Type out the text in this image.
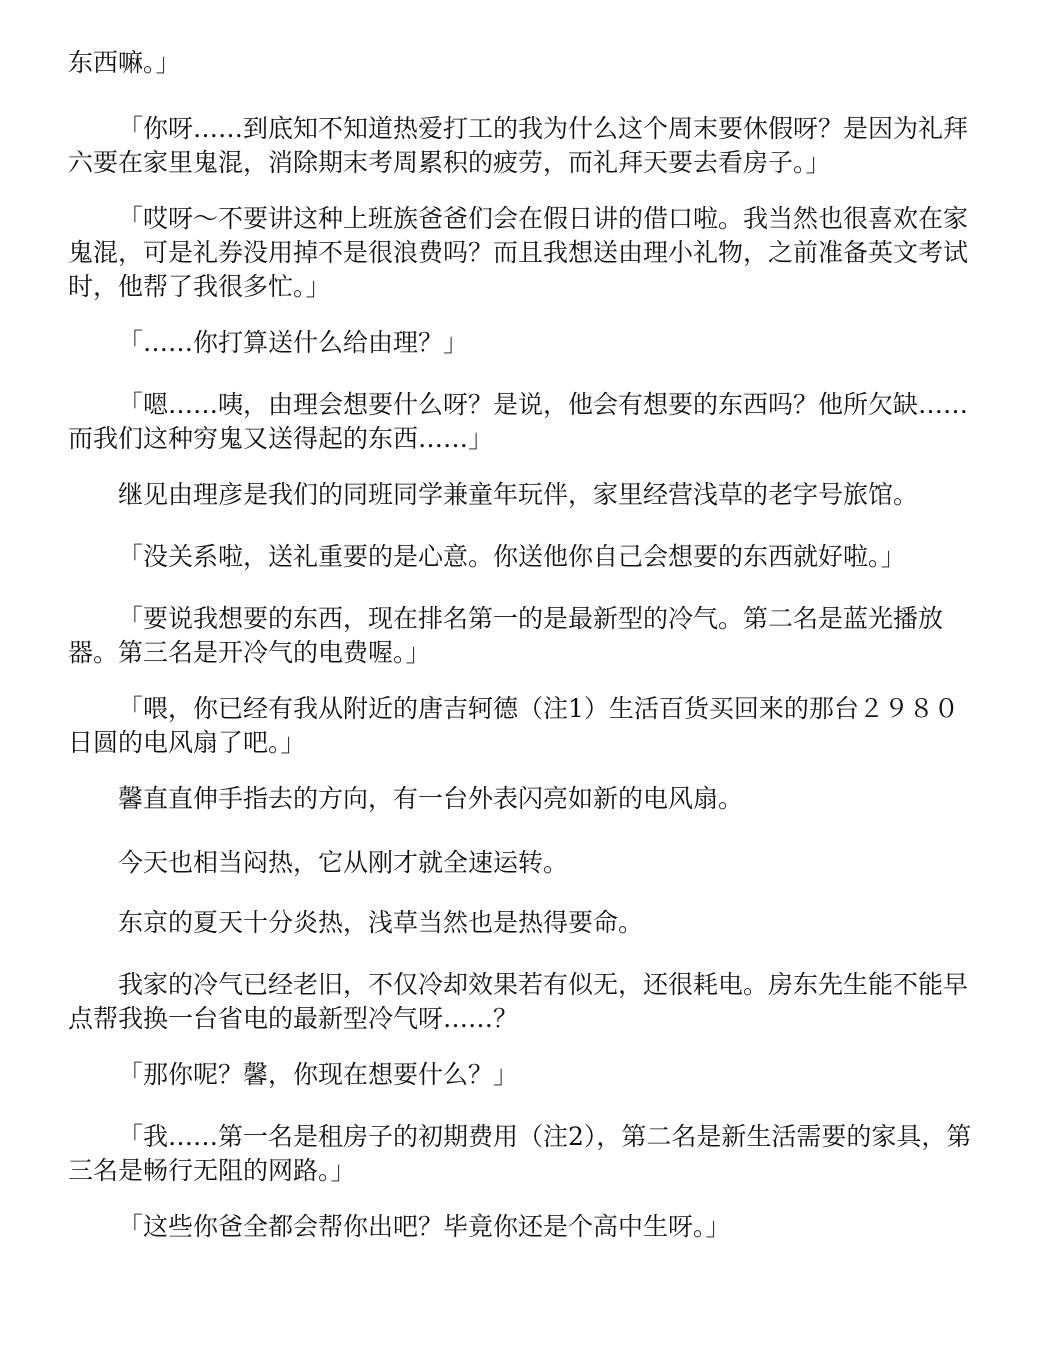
东西嘛。」

「你呀……到底知不知道热爱打工的我为什么这个周末要休假呀？是因为礼拜六要在家里鬼混，消除期末考周累积的疲劳，而礼拜天要去看房子。」

「哎呀～不要讲这种上班族爸爸们会在假日讲的借口啦。我当然也很喜欢在家鬼混，可是礼券没用掉不是很浪费吗？而且我想送由理小礼物，之前准备英文考试时，他帮了我很多忙。」

「……你打算送什么给由理？」

「嗯……咦，由理会想要什么呀？是说，他会有想要的东西吗？他所欠缺……而我们这种穷鬼又送得起的东西……」

继见由理彦是我们的同班同学兼童年玩伴，家里经营浅草的老字号旅馆。

「没关系啦，送礼重要的是心意。你送他你自己会想要的东西就好啦。」

「要说我想要的东西，现在排名第一的是最新型的冷气。第二名是蓝光播放器。第三名是开冷气的电费喔。」

「喂，你已经有我从附近的唐吉轲德（注1）生活百货买回来的那台２９８０日圆的电风扇了吧。」

馨直直伸手指去的方向，有一台外表闪亮如新的电风扇。

今天也相当闷热，它从刚才就全速运转。

东京的夏天十分炎热，浅草当然也是热得要命。

我家的冷气已经老旧，不仅冷却效果若有似无，还很耗电。房东先生能不能早点帮我换一台省电的最新型冷气呀……？

「那你呢？馨，你现在想要什么？」

「我……第一名是租房子的初期费用（注2），第二名是新生活需要的家具，第三名是畅行无阻的网路。」

「这些你爸全都会帮你出吧？毕竟你还是个高中生呀。」
